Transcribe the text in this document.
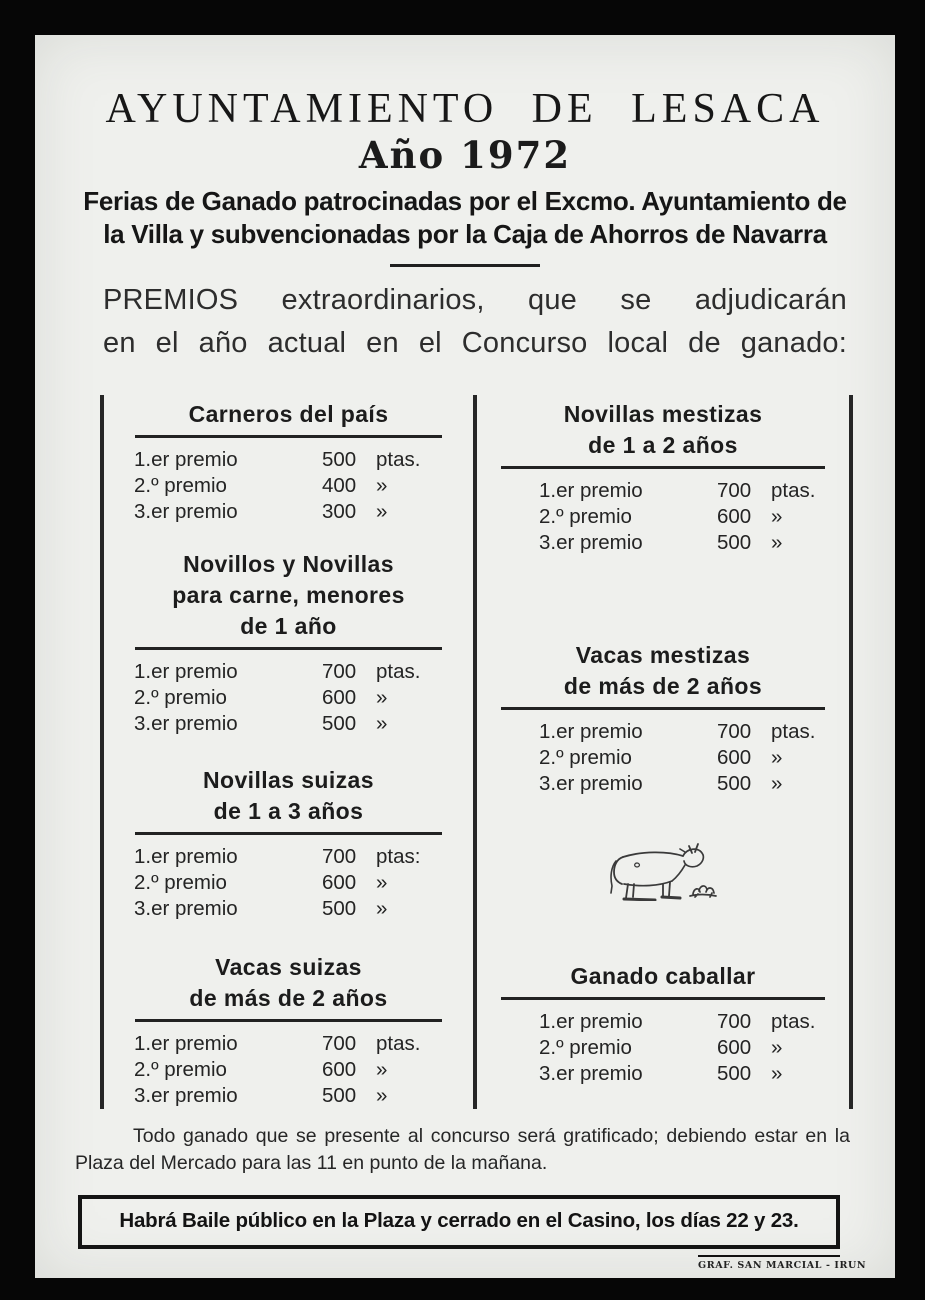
AYUNTAMIENTO DE LESACA
Año 1972
Ferias de Ganado patrocinadas por el Excmo. Ayuntamiento de
la Villa y subvencionadas por la Caja de Ahorros de Navarra
PREMIOS extraordinarios, que se adjudicarán
en el año actual en el Concurso local de ganado:
Carneros del país
1.er premio	500 ptas.
2.º premio	400 »
3.er premio	300 »
Novillos y Novillas
para carne, menores
de 1 año
1.er premio	700 ptas.
2.º premio	600 »
3.er premio	500 »
Novillas suizas
de 1 a 3 años
1.er premio	700 ptas:
2.º premio	600 »
3.er premio	500 »
Vacas suizas
de más de 2 años
1.er premio	700 ptas.
2.º premio	600 »
3.er premio	500 »
Novillas mestizas
de 1 a 2 años
1.er premio	700 ptas.
2.º premio	600 »
3.er premio	500 »
Vacas mestizas
de más de 2 años
1.er premio	700 ptas.
2.º premio	600 »
3.er premio	500 »
Ganado caballar
1.er premio	700 ptas.
2.º premio	600 »
3.er premio	500 »

Todo ganado que se presente al concurso será gratificado; debiendo estar en la Plaza del Mercado para las 11 en punto de la mañana.

Habrá Baile público en la Plaza y cerrado en el Casino, los días 22 y 23.
GRAF. SAN MARCIAL - IRUN
